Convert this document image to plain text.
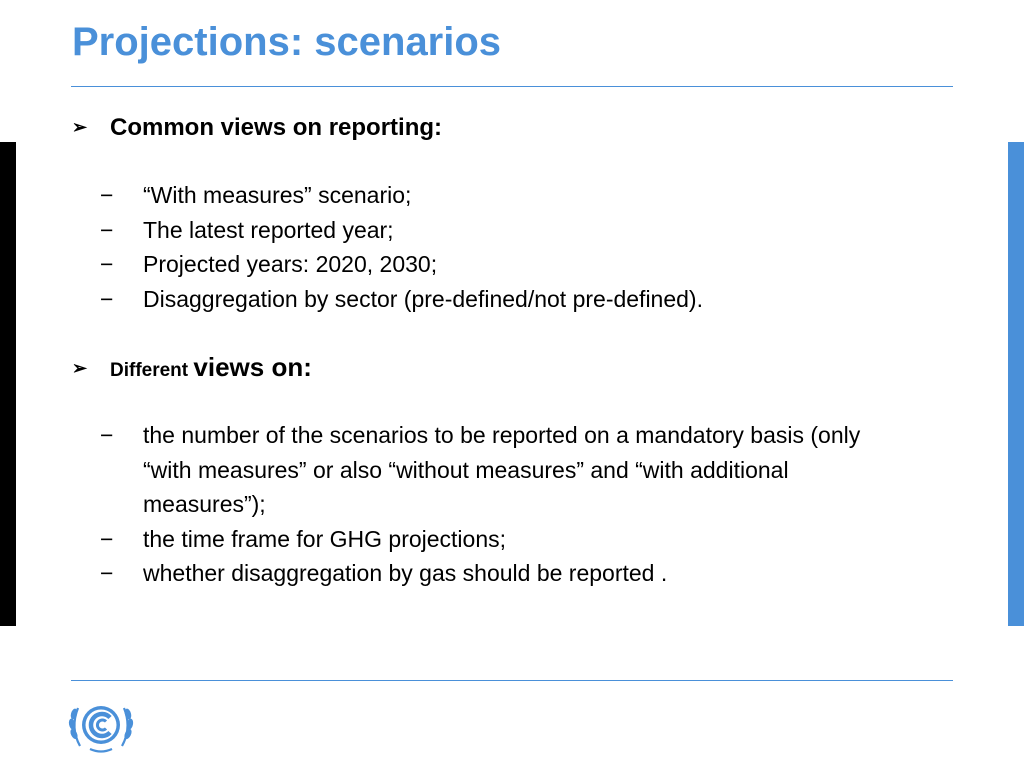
Projections: scenarios
➢ Common views on reporting:
− “With measures” scenario;
− The latest reported year;
− Projected years: 2020, 2030;
− Disaggregation by sector (pre-defined/not pre-defined).
➢ Different views on:
− the number of the scenarios to be reported on a mandatory basis (only “with measures” or also “without measures” and “with additional measures”);
− the time frame for GHG projections;
− whether disaggregation by gas should be reported .
